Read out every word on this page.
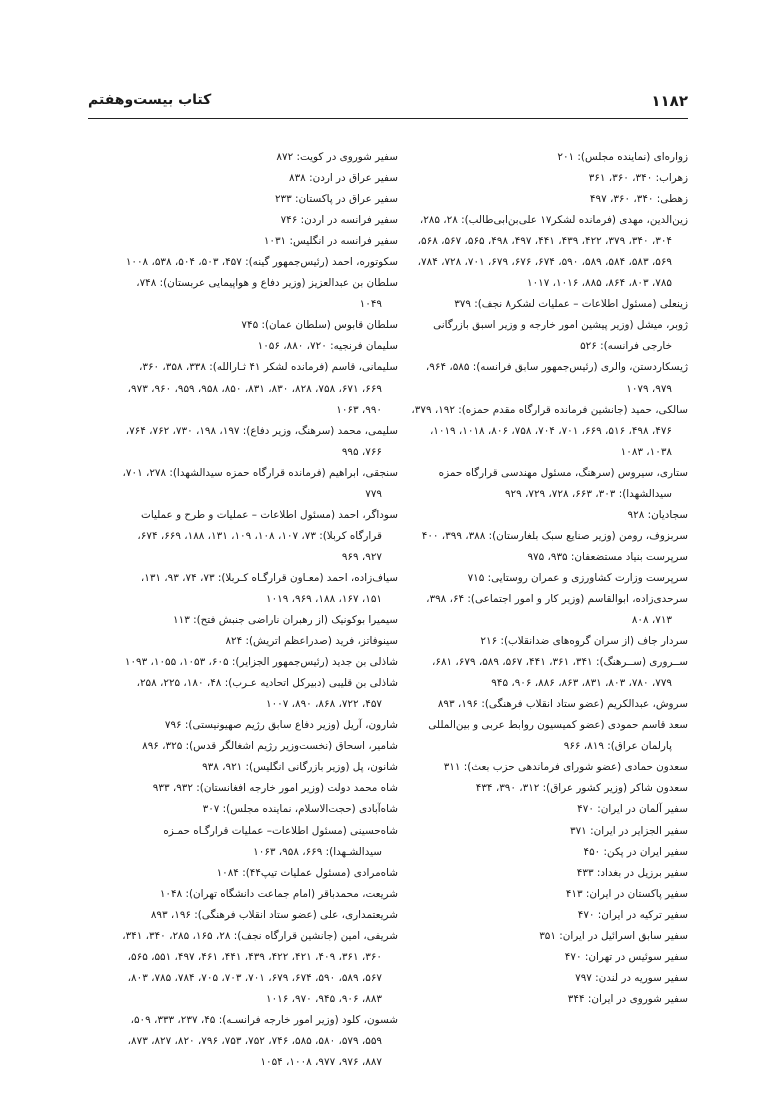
۱۱۸۲
کتاب بیست‌وهفتم

زواره‌ای (نماینده مجلس): ۲۰۱

زهراب: ۳۴۰، ۳۶۰، ۳۶۱

زهطی: ۳۴۰، ۳۶۰، ۴۹۷

زین‌الدین، مهدی (فرمانده لشکر۱۷ علی‌بن‌ابی‌طالب): ۲۸، ۲۸۵، ۳۰۴، ۳۴۰، ۳۷۹، ۴۲۲، ۴۳۹، ۴۴۱، ۴۹۷، ۴۹۸، ۵۶۵، ۵۶۷، ۵۶۸، ۵۶۹، ۵۸۳، ۵۸۴، ۵۸۹، ۵۹۰، ۶۷۴، ۶۷۶، ۶۷۹، ۷۰۱، ۷۲۸، ۷۸۴، ۷۸۵، ۸۰۳، ۸۶۴، ۸۸۵، ۱۰۱۶، ۱۰۱۷

زینعلی (مسئول اطلاعات – عملیات لشکر۸ نجف): ۳۷۹

ژوبر، میشل (وزیر پیشین امور خارجه و وزیر اسبق بازرگانی خارجی فرانسه): ۵۲۶

ژیسکاردستن، والری (رئیس‌جمهور سابق فرانسه): ۵۸۵، ۹۶۴، ۹۷۹، ۱۰۷۹

سالکی، حمید (جانشین فرمانده قرارگاه مقدم حمزه): ۱۹۲، ۳۷۹، ۴۷۶، ۴۹۸، ۵۱۶، ۶۶۹، ۷۰۱، ۷۰۴، ۷۵۸، ۸۰۶، ۱۰۱۸، ۱۰۱۹، ۱۰۳۸، ۱۰۸۳

ستاری، سیروس (سرهنگ، مسئول مهندسی قرارگاه حمزه سیدالشهدا): ۳۰۳، ۶۶۳، ۷۲۸، ۷۲۹، ۹۲۹

سجادیان: ۹۲۸

سربزوف، رومن (وزیر صنایع سبک بلغارستان): ۳۸۸، ۳۹۹، ۴۰۰

سرپرست بنیاد مستضعفان: ۹۳۵، ۹۷۵

سرپرست وزارت کشاورزی و عمران روستایی: ۷۱۵

سرحدی‌زاده، ابوالقاسم (وزیر کار و امور اجتماعی): ۶۴، ۳۹۸، ۷۱۳، ۸۰۸

سردار جاف (از سران گروه‌های ضدانقلاب): ۲۱۶

ســروری (ســرهنگ): ۳۴۱، ۳۶۱، ۴۴۱، ۵۶۷، ۵۸۹، ۶۷۹، ۶۸۱، ۷۷۹، ۷۸۰، ۸۰۳، ۸۳۱، ۸۶۳، ۸۸۶، ۹۰۶، ۹۴۵

سروش، عبدالکریم (عضو ستاد انقلاب فرهنگی): ۱۹۶، ۸۹۳

سعد قاسم حمودی (عضو کمیسیون روابط عربی و بین‌المللی پارلمان عراق): ۸۱۹، ۹۶۶

سعدون حمادی (عضو شورای فرماندهی حزب بعث): ۳۱۱

سعدون شاکر (وزیر کشور عراق): ۳۱۲، ۳۹۰، ۴۳۴

سفیر آلمان در ایران: ۴۷۰

سفیر الجزایر در ایران: ۳۷۱

سفیر ایران در پکن: ۴۵۰

سفیر برزیل در بغداد: ۴۳۳

سفیر پاکستان در ایران: ۴۱۳

سفیر ترکیه در ایران: ۴۷۰

سفیر سابق اسرائیل در ایران: ۳۵۱

سفیر سوئیس در تهران: ۴۷۰

سفیر سوریه در لندن: ۷۹۷

سفیر شوروی در ایران: ۳۴۴

سفیر شوروی در کویت: ۸۷۲

سفیر عراق در اردن: ۸۳۸

سفیر عراق در پاکستان: ۲۳۳

سفیر فرانسه در اردن: ۷۴۶

سفیر فرانسه در انگلیس: ۱۰۳۱

سکوتوره، احمد (رئیس‌جمهور گینه): ۴۵۷، ۵۰۳، ۵۰۴، ۵۳۸، ۱۰۰۸

سلطان بن عبدالعزیز (وزیر دفاع و هواپیمایی عربستان): ۷۴۸، ۱۰۴۹

سلطان قابوس (سلطان عمان): ۷۴۵

سلیمان فرنجیه: ۷۲۰، ۸۸۰، ۱۰۵۶

سلیمانی، قاسم (فرمانده لشکر ۴۱ ثـارالله): ۳۳۸، ۳۵۸، ۳۶۰، ۶۶۹، ۶۷۱، ۷۵۸، ۸۲۸، ۸۳۰، ۸۳۱، ۸۵۰، ۹۵۸، ۹۵۹، ۹۶۰، ۹۷۳، ۹۹۰، ۱۰۶۳

سلیمی، محمد (سرهنگ، وزیر دفاع): ۱۹۷، ۱۹۸، ۷۳۰، ۷۶۲، ۷۶۴، ۷۶۶، ۹۹۵

سنجقی، ابراهیم (فرمانده قرارگاه حمزه سیدالشهدا): ۲۷۸، ۷۰۱، ۷۷۹

سوداگر، احمد (مسئول اطلاعات – عملیات و طرح و عملیات قرارگاه کربلا): ۷۳، ۱۰۷، ۱۰۸، ۱۰۹، ۱۳۱، ۱۸۸، ۶۶۹، ۶۷۴، ۹۲۷، ۹۶۹

سیاف‌زاده، احمد (معـاون قرارگـاه کـربلا): ۷۳، ۷۴، ۹۳، ۱۳۱، ۱۵۱، ۱۶۷، ۱۸۸، ۹۶۹، ۱۰۱۹

سیمیرا بوکونیک (از رهبران ناراضی جنبش فتح): ۱۱۳

سینوفاتز، فرید (صدراعظم اتریش): ۸۲۴

شاذلی بن جدید (رئیس‌جمهور الجزایر): ۶۰۵، ۱۰۵۳، ۱۰۵۵، ۱۰۹۳

شاذلی بن قلیبی (دبیرکل اتحادیه عـرب): ۴۸، ۱۸۰، ۲۲۵، ۲۵۸، ۴۵۷، ۷۲۲، ۸۶۸، ۸۹۰، ۱۰۰۷

شارون، آریل (وزیر دفاع سابق رژیم صهیونیستی): ۷۹۶

شامیر، اسحاق (نخست‌وزیر رژیم اشغالگر قدس): ۳۲۵، ۸۹۶

شانون، پل (وزیر بازرگانی انگلیس): ۹۲۱، ۹۳۸

شاه محمد دولت (وزیر امور خارجه افغانستان): ۹۳۲، ۹۳۳

شاه‌آبادی (حجت‌الاسلام، نماینده مجلس): ۳۰۷

شاه‌حسینی (مسئول اطلاعات– عملیات قرارگـاه حمـزه سیدالشـهدا): ۶۶۹، ۹۵۸، ۱۰۶۳

شاه‌مرادی (مسئول عملیات تیپ۴۴): ۱۰۸۴

شریعت، محمدباقر (امام جماعت دانشگاه تهران): ۱۰۴۸

شریعتمداری، علی (عضو ستاد انقلاب فرهنگی): ۱۹۶، ۸۹۳

شریفی، امین (جانشین قرارگاه نجف): ۲۸، ۱۶۵، ۲۸۵، ۳۴۰، ۳۴۱، ۳۶۰، ۳۶۱، ۴۰۹، ۴۲۱، ۴۲۲، ۴۳۹، ۴۴۱، ۴۶۱، ۴۹۷، ۵۵۱، ۵۶۵، ۵۶۷، ۵۸۹، ۵۹۰، ۶۷۴، ۶۷۹، ۷۰۱، ۷۰۳، ۷۰۵، ۷۸۴، ۷۸۵، ۸۰۳، ۸۸۳، ۹۰۶، ۹۴۵، ۹۷۰، ۱۰۱۶

شسون، کلود (وزیر امور خارجه فرانسـه): ۴۵، ۲۳۷، ۳۳۳، ۵۰۹، ۵۵۹، ۵۷۹، ۵۸۰، ۵۸۵، ۷۴۶، ۷۵۲، ۷۵۳، ۷۹۶، ۸۲۰، ۸۲۷، ۸۷۳، ۸۸۷، ۹۷۶، ۹۷۷، ۱۰۰۸، ۱۰۵۴
